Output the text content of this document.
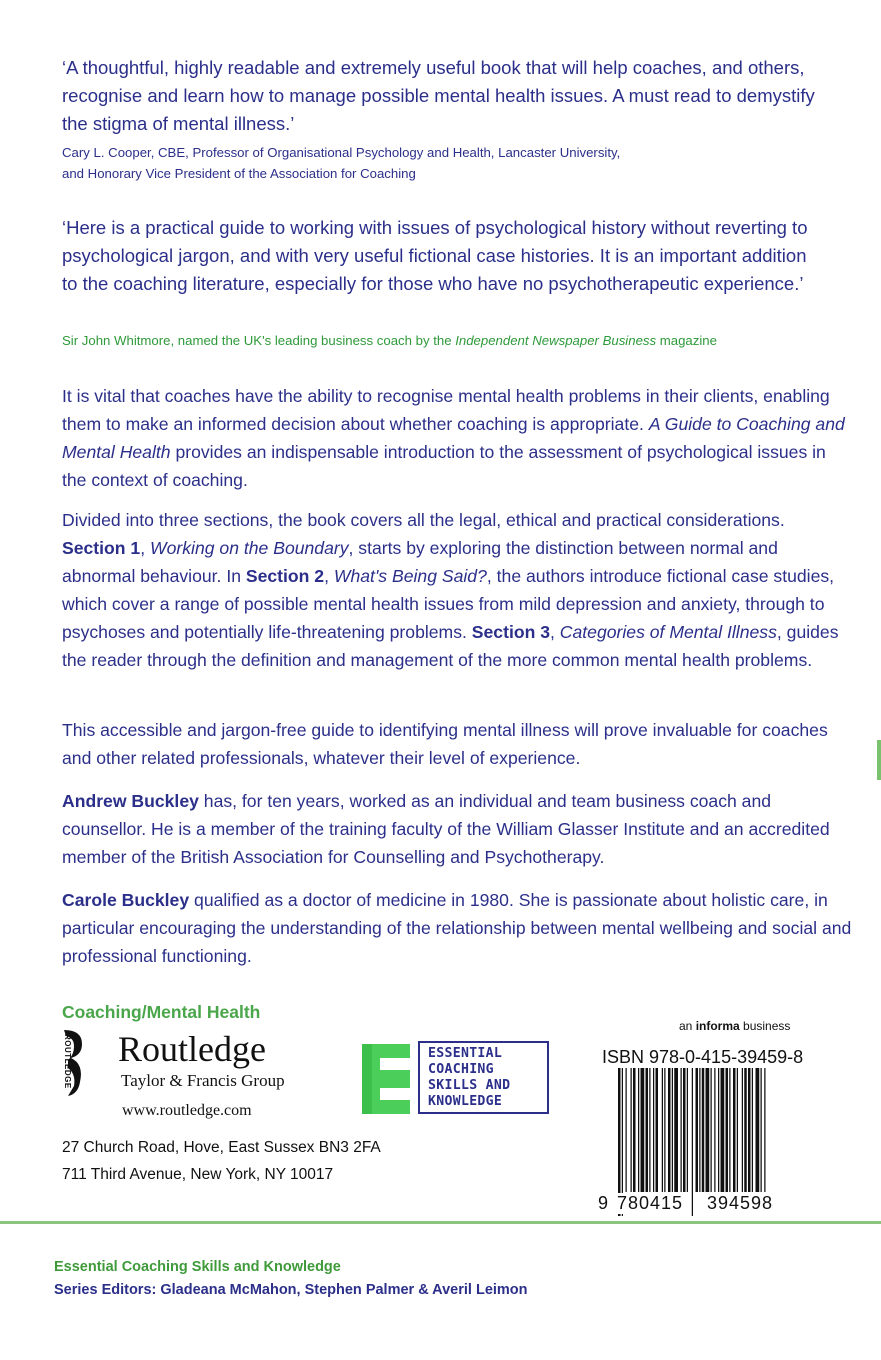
‘A thoughtful, highly readable and extremely useful book that will help coaches, and others, recognise and learn how to manage possible mental health issues. A must read to demystify the stigma of mental illness.’
Cary L. Cooper, CBE, Professor of Organisational Psychology and Health, Lancaster University,
and Honorary Vice President of the Association for Coaching
‘Here is a practical guide to working with issues of psychological history without reverting to psychological jargon, and with very useful fictional case histories. It is an important addition to the coaching literature, especially for those who have no psychotherapeutic experience.’
Sir John Whitmore, named the UK's leading business coach by the Independent Newspaper Business magazine

It is vital that coaches have the ability to recognise mental health problems in their clients, enabling them to make an informed decision about whether coaching is appropriate. A Guide to Coaching and Mental Health provides an indispensable introduction to the assessment of psychological issues in the context of coaching.

Divided into three sections, the book covers all the legal, ethical and practical considerations. Section 1, Working on the Boundary, starts by exploring the distinction between normal and abnormal behaviour. In Section 2, What's Being Said?, the authors introduce fictional case studies, which cover a range of possible mental health issues from mild depression and anxiety, through to psychoses and potentially life-threatening problems. Section 3, Categories of Mental Illness, guides the reader through the definition and management of the more common mental health problems.

This accessible and jargon-free guide to identifying mental illness will prove invaluable for coaches and other related professionals, whatever their level of experience.

Andrew Buckley has, for ten years, worked as an individual and team business coach and counsellor. He is a member of the training faculty of the William Glasser Institute and an accredited member of the British Association for Counselling and Psychotherapy.

Carole Buckley qualified as a doctor of medicine in 1980. She is passionate about holistic care, in particular encouraging the understanding of the relationship between mental wellbeing and social and professional functioning.

Coaching/Mental Health
ROUTLEDGE Routledge
Taylor & Francis Group
www.routledge.com
27 Church Road, Hove, East Sussex BN3 2FA
711 Third Avenue, New York, NY 10017
ESSENTIAL
COACHING
SKILLS AND
KNOWLEDGE
an informa business
ISBN 978-0-415-39459-8
9 780415 394598
Essential Coaching Skills and Knowledge
Series Editors: Gladeana McMahon, Stephen Palmer & Averil Leimon
